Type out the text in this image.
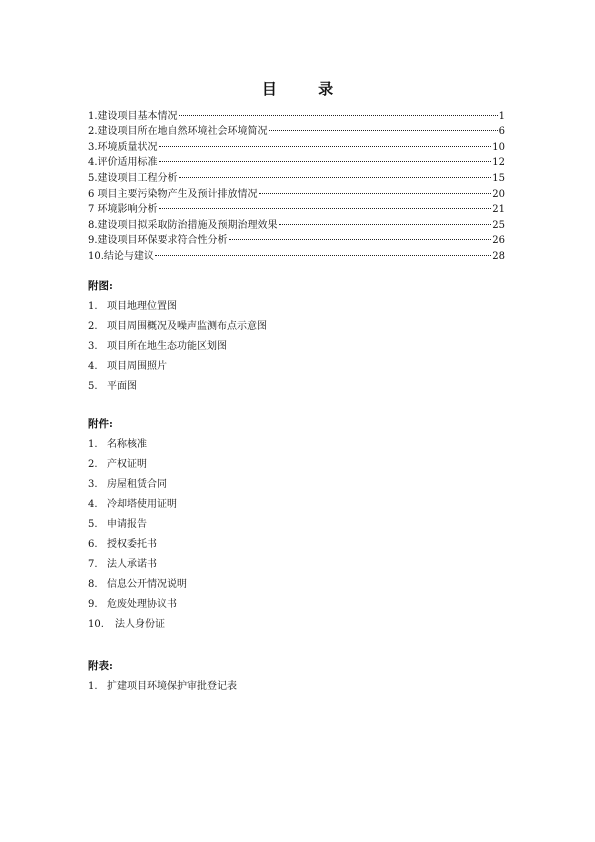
目 录
1.建设项目基本情况	1
2.建设项目所在地自然环境社会环境简况	6
3.环境质量状况	10
4.评价适用标准	12
5.建设项目工程分析	15
6 项目主要污染物产生及预计排放情况	20
7 环境影响分析	21
8.建设项目拟采取防治措施及预期治理效果	25
9.建设项目环保要求符合性分析	26
10.结论与建议	28
附图:
1. 项目地理位置图
2. 项目周围概况及噪声监测布点示意图
3. 项目所在地生态功能区划图
4. 项目周围照片
5. 平面图
附件:
1. 名称核准
2. 产权证明
3. 房屋租赁合同
4. 冷却塔使用证明
5. 申请报告
6. 授权委托书
7. 法人承诺书
8. 信息公开情况说明
9. 危废处理协议书
10.	法人身份证
附表:
1. 扩建项目环境保护审批登记表
